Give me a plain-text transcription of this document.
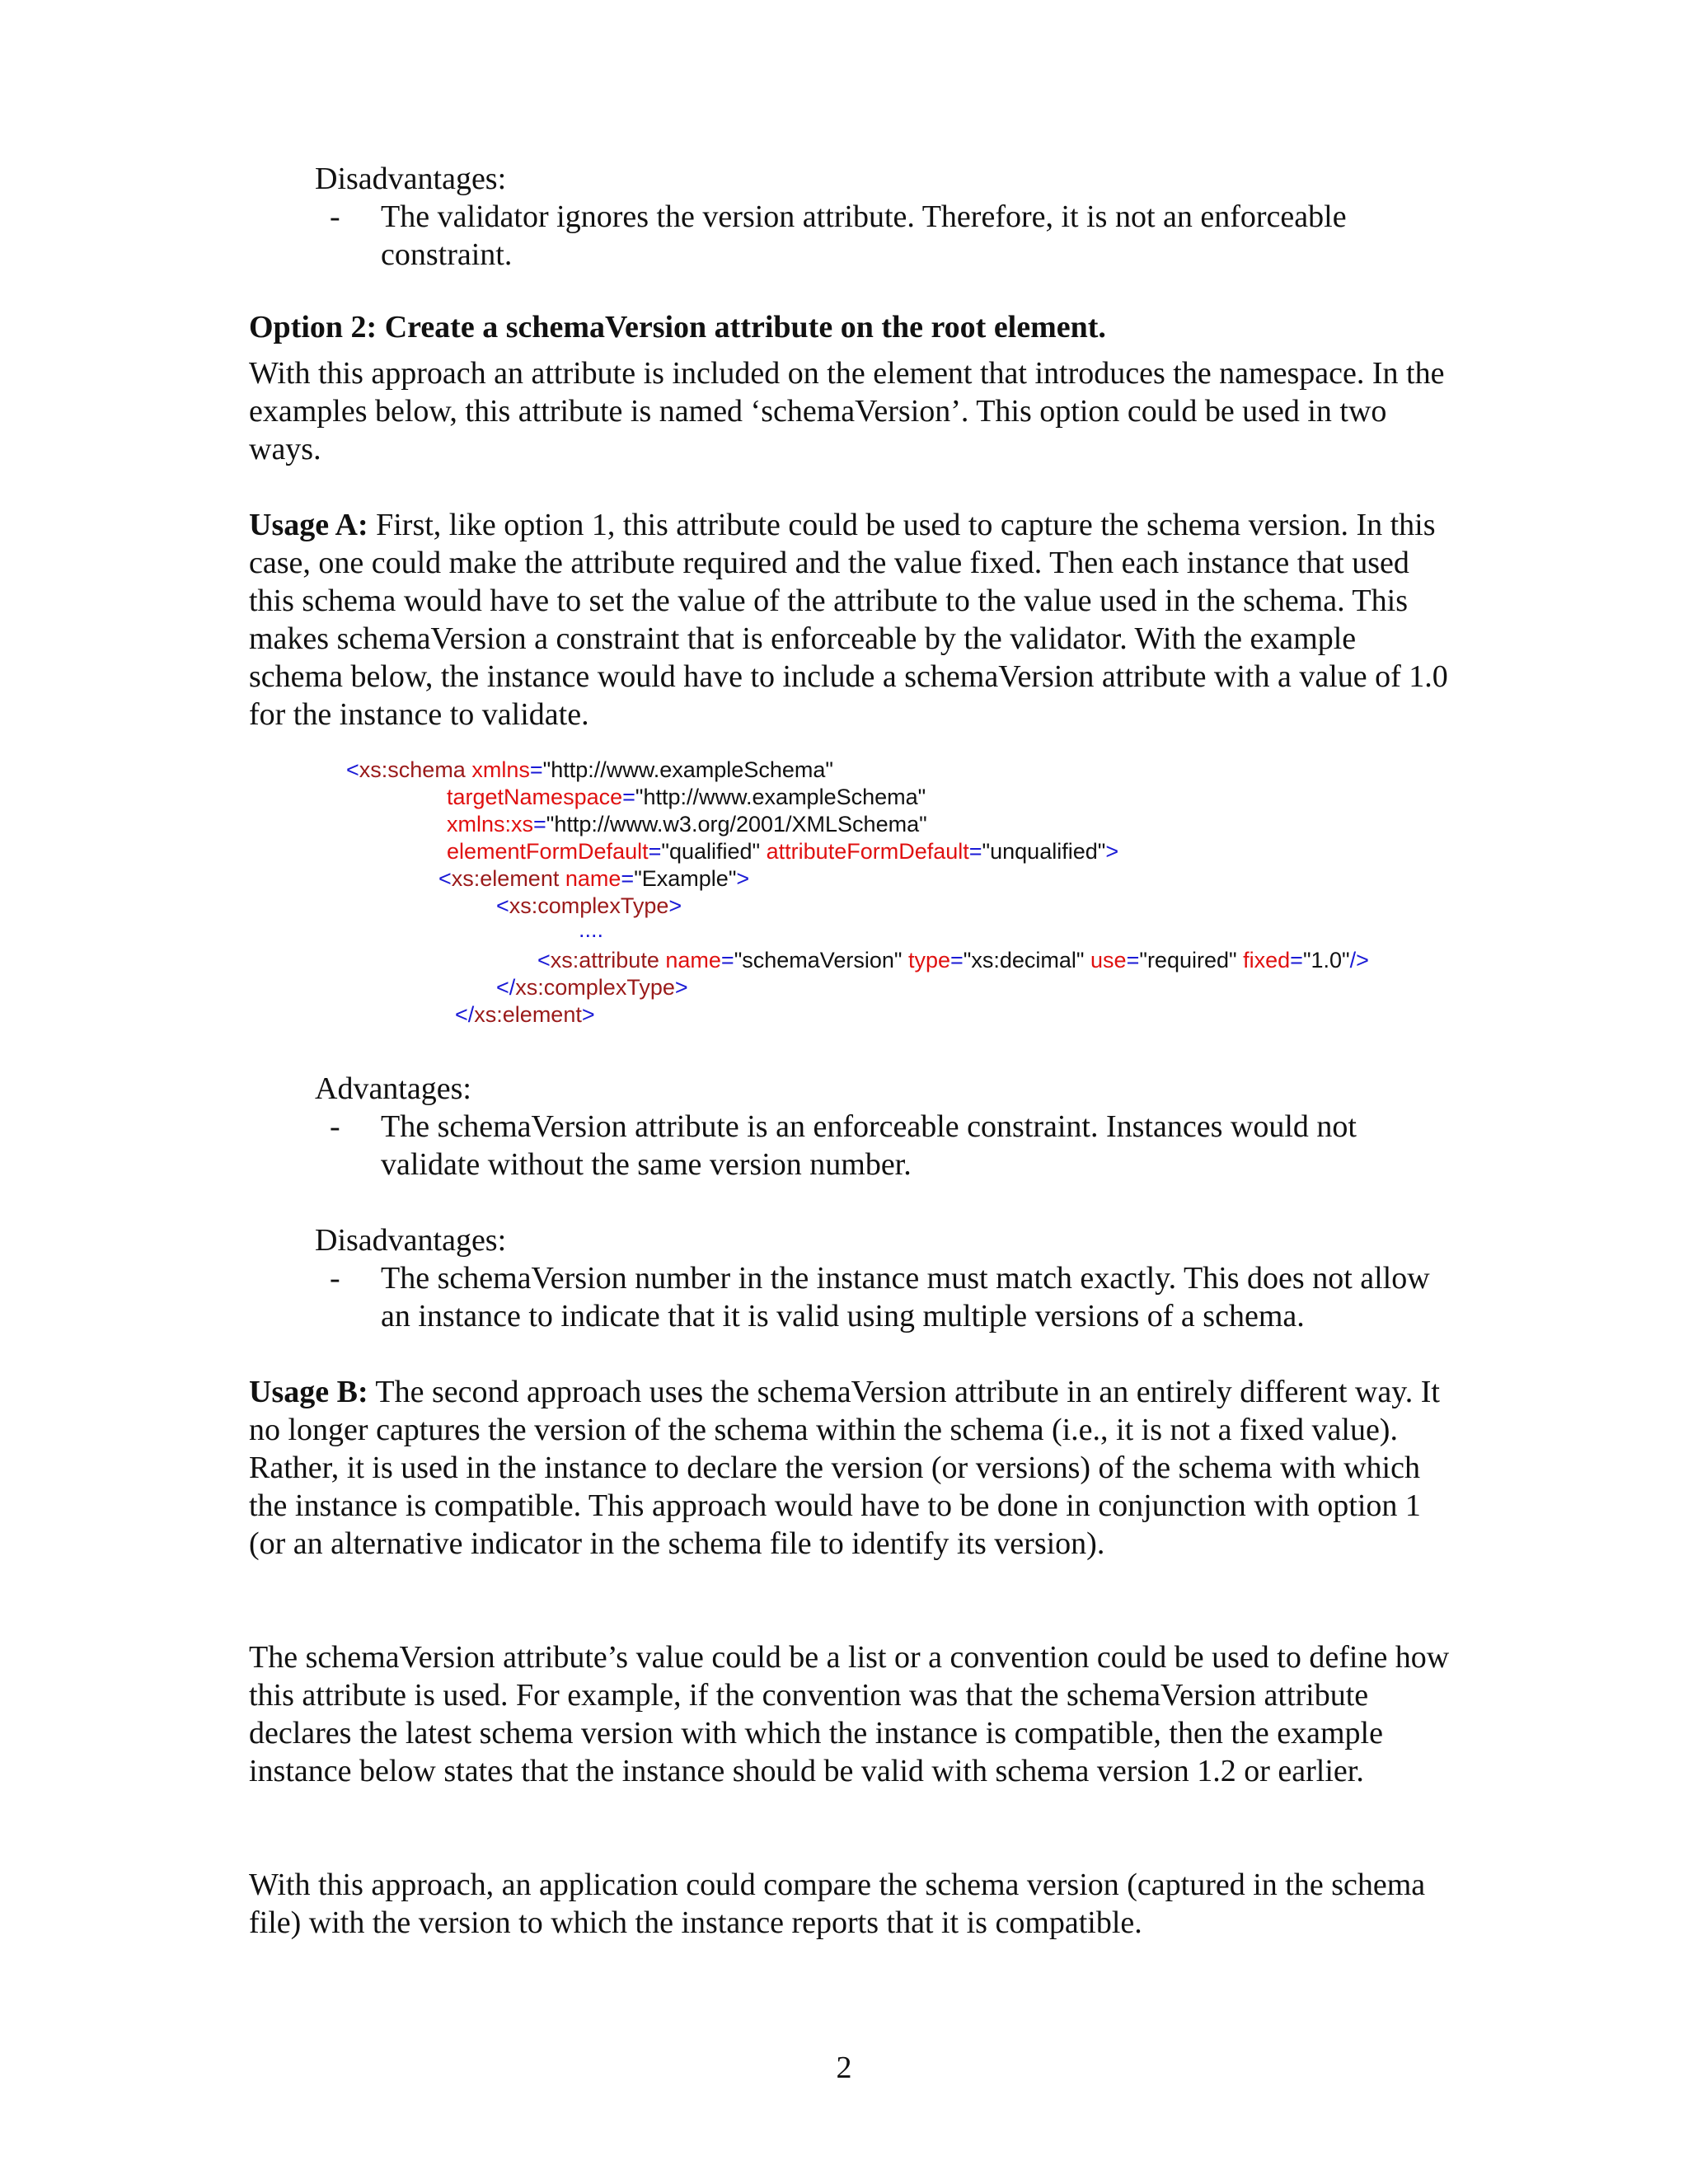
Disadvantages:

- The validator ignores the version attribute. Therefore, it is not an enforceable constraint.

Option 2: Create a schemaVersion attribute on the root element.

With this approach an attribute is included on the element that introduces the namespace. In the examples below, this attribute is named ‘schemaVersion’. This option could be used in two ways.

Usage A: First, like option 1, this attribute could be used to capture the schema version. In this case, one could make the attribute required and the value fixed. Then each instance that used this schema would have to set the value of the attribute to the value used in the schema. This makes schemaVersion a constraint that is enforceable by the validator. With the example schema below, the instance would have to include a schemaVersion attribute with a value of 1.0 for the instance to validate.

<xs:schema xmlns="http://www.exampleSchema"

targetNamespace="http://www.exampleSchema"

xmlns:xs="http://www.w3.org/2001/XMLSchema"

elementFormDefault="qualified" attributeFormDefault="unqualified">

<xs:element name="Example">

<xs:complexType>

....

<xs:attribute name="schemaVersion" type="xs:decimal" use="required" fixed="1.0"/>

</xs:complexType>

</xs:element>

Advantages:

- The schemaVersion attribute is an enforceable constraint. Instances would not validate without the same version number.

Disadvantages:

- The schemaVersion number in the instance must match exactly. This does not allow an instance to indicate that it is valid using multiple versions of a schema.

Usage B: The second approach uses the schemaVersion attribute in an entirely different way. It no longer captures the version of the schema within the schema (i.e., it is not a fixed value). Rather, it is used in the instance to declare the version (or versions) of the schema with which the instance is compatible. This approach would have to be done in conjunction with option 1 (or an alternative indicator in the schema file to identify its version).

The schemaVersion attribute’s value could be a list or a convention could be used to define how this attribute is used. For example, if the convention was that the schemaVersion attribute declares the latest schema version with which the instance is compatible, then the example instance below states that the instance should be valid with schema version 1.2 or earlier.

With this approach, an application could compare the schema version (captured in the schema file) with the version to which the instance reports that it is compatible.

2
